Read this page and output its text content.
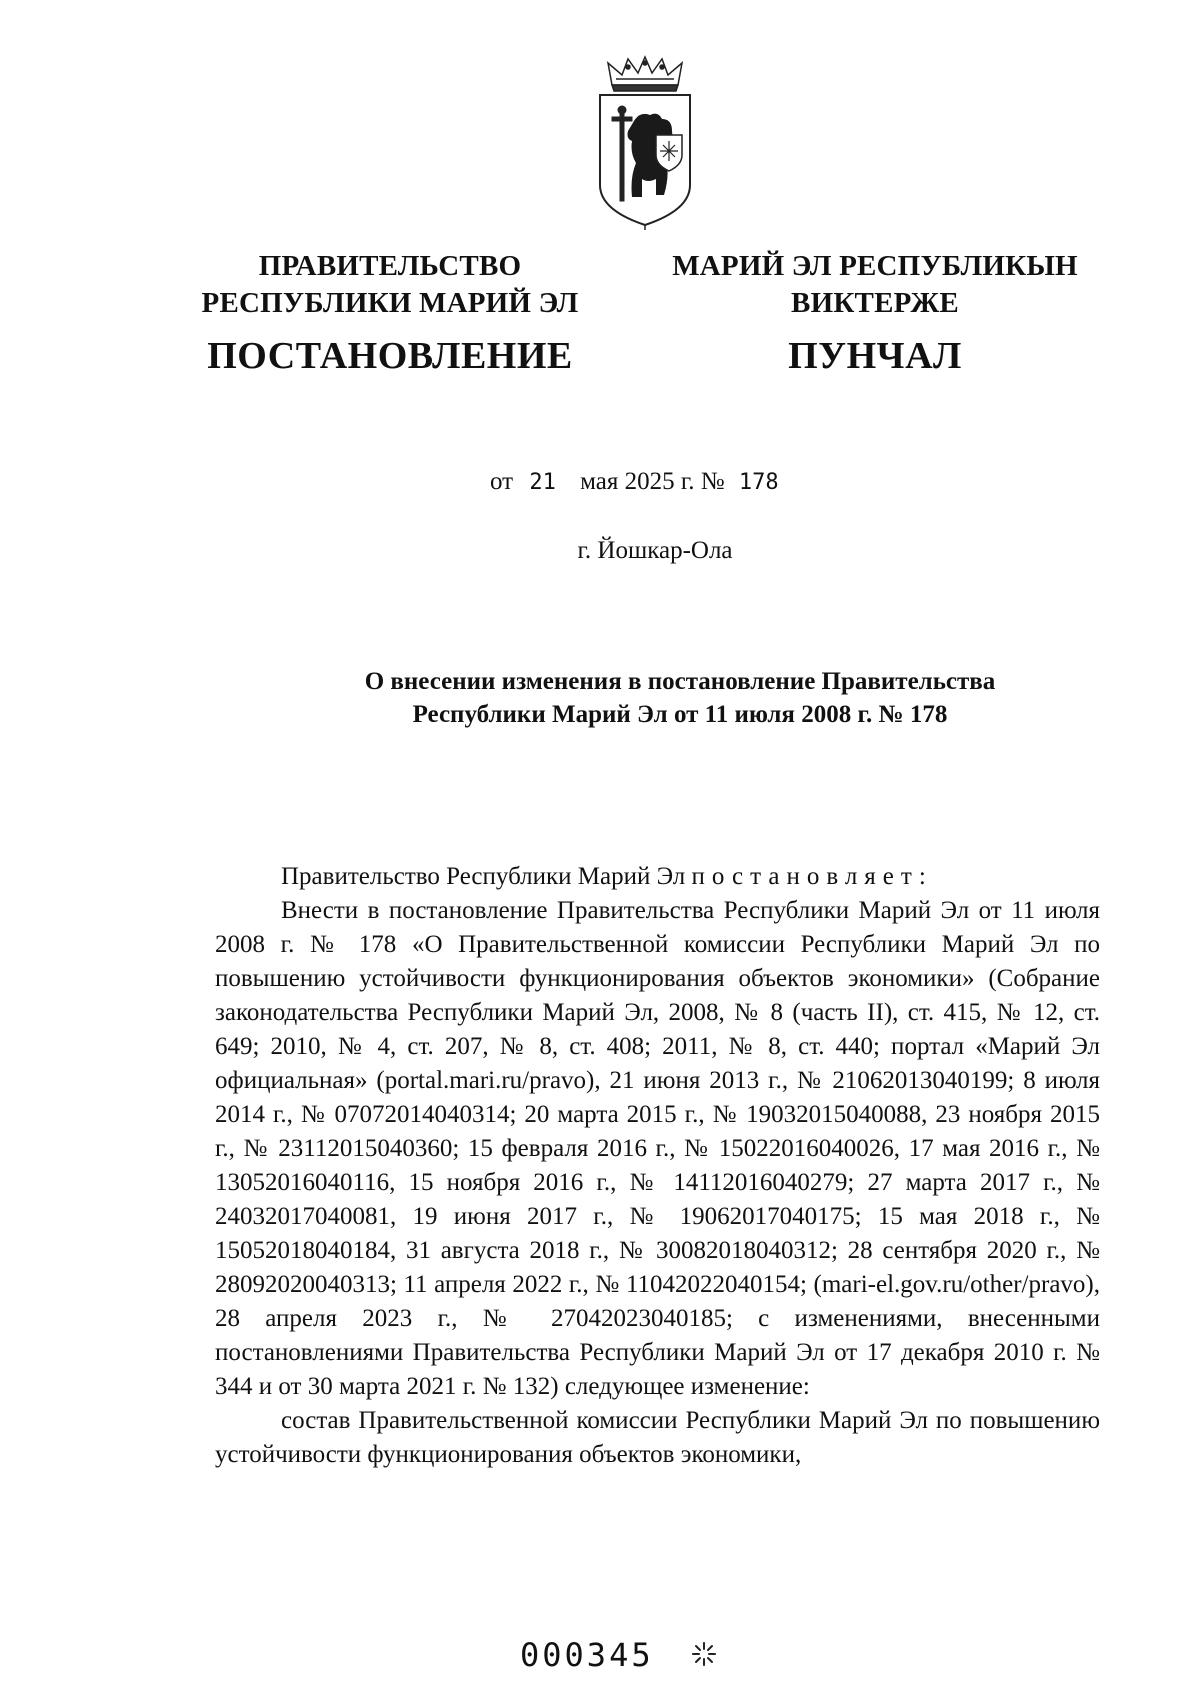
ПРАВИТЕЛЬСТВО
РЕСПУБЛИКИ МАРИЙ ЭЛ
ПОСТАНОВЛЕНИЕ
МАРИЙ ЭЛ РЕСПУБЛИКЫН
ВИКТЕРЖЕ
ПУНЧАЛ
от 21 мая 2025 г. № 178
г. Йошкар-Ола
О внесении изменения в постановление Правительства
Республики Марий Эл от 11 июля 2008 г. № 178

Правительство Республики Марий Эл постановляет:

Внести в постановление Правительства Республики Марий Эл от 11 июля 2008 г. № 178 «О Правительственной комиссии Республики Марий Эл по повышению устойчивости функционирования объектов экономики» (Собрание законодательства Республики Марий Эл, 2008, № 8 (часть II), ст. 415, № 12, ст. 649; 2010, № 4, ст. 207, № 8, ст. 408; 2011, № 8, ст. 440; портал «Марий Эл официальная» (portal.mari.ru/pravo), 21 июня 2013 г., № 21062013040199; 8 июля 2014 г., № 07072014040314; 20 марта 2015 г., № 19032015040088, 23 ноября 2015 г., № 23112015040360; 15 февраля 2016 г., № 15022016040026, 17 мая 2016 г., № 13052016040116, 15 ноября 2016 г., № 14112016040279; 27 марта 2017 г., № 24032017040081, 19 июня 2017 г., № 19062017040175; 15 мая 2018 г., № 15052018040184, 31 августа 2018 г., № 30082018040312; 28 сентября 2020 г., № 28092020040313; 11 апреля 2022 г., № 11042022040154; (mari-el.gov.ru/other/pravo), 28 апреля 2023 г., № 27042023040185; с изменениями, внесенными постановлениями Правительства Республики Марий Эл от 17 декабря 2010 г. № 344 и от 30 марта 2021 г. № 132) следующее изменение:

состав Правительственной комиссии Республики Марий Эл по повышению устойчивости функционирования объектов экономики,

000345
